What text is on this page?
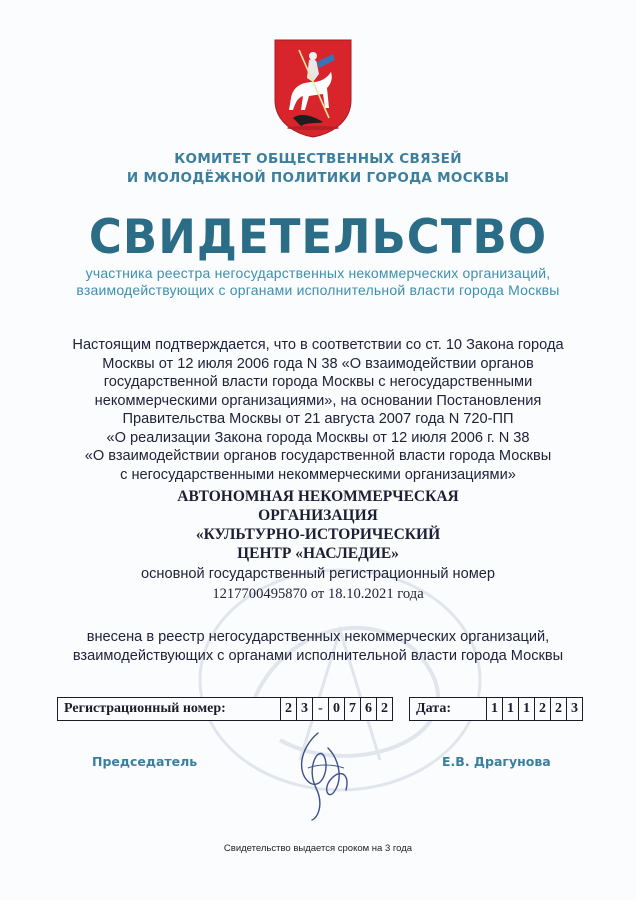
КОМИТЕТ ОБЩЕСТВЕННЫХ СВЯЗЕЙ
И МОЛОДЁЖНОЙ ПОЛИТИКИ ГОРОДА МОСКВЫ
СВИДЕТЕЛЬСТВО
участника реестра негосударственных некоммерческих организаций,
взаимодействующих с органами исполнительной власти города Москвы
Настоящим подтверждается, что в соответствии со ст. 10 Закона города
Москвы от 12 июля 2006 года N 38 «О взаимодействии органов
государственной власти города Москвы с негосударственными
некоммерческими организациями», на основании Постановления
Правительства Москвы от 21 августа 2007 года N 720-ПП
«О реализации Закона города Москвы от 12 июля 2006 г. N 38
«О взаимодействии органов государственной власти города Москвы
с негосударственными некоммерческими организациями»
АВТОНОМНАЯ НЕКОММЕРЧЕСКАЯ
ОРГАНИЗАЦИЯ
«КУЛЬТУРНО-ИСТОРИЧЕСКИЙ
ЦЕНТР «НАСЛЕДИЕ»
основной государственный регистрационный номер
1217700495870 от 18.10.2021 года
внесена в реестр негосударственных некоммерческих организаций,
взаимодействующих с органами исполнительной власти города Москвы
Регистрационный номер:	2 3 - 0 7 6 2	Дата:	1 1 1 2 2 3
Председатель	Е.В. Драгунова
Свидетельство выдается сроком на 3 года
